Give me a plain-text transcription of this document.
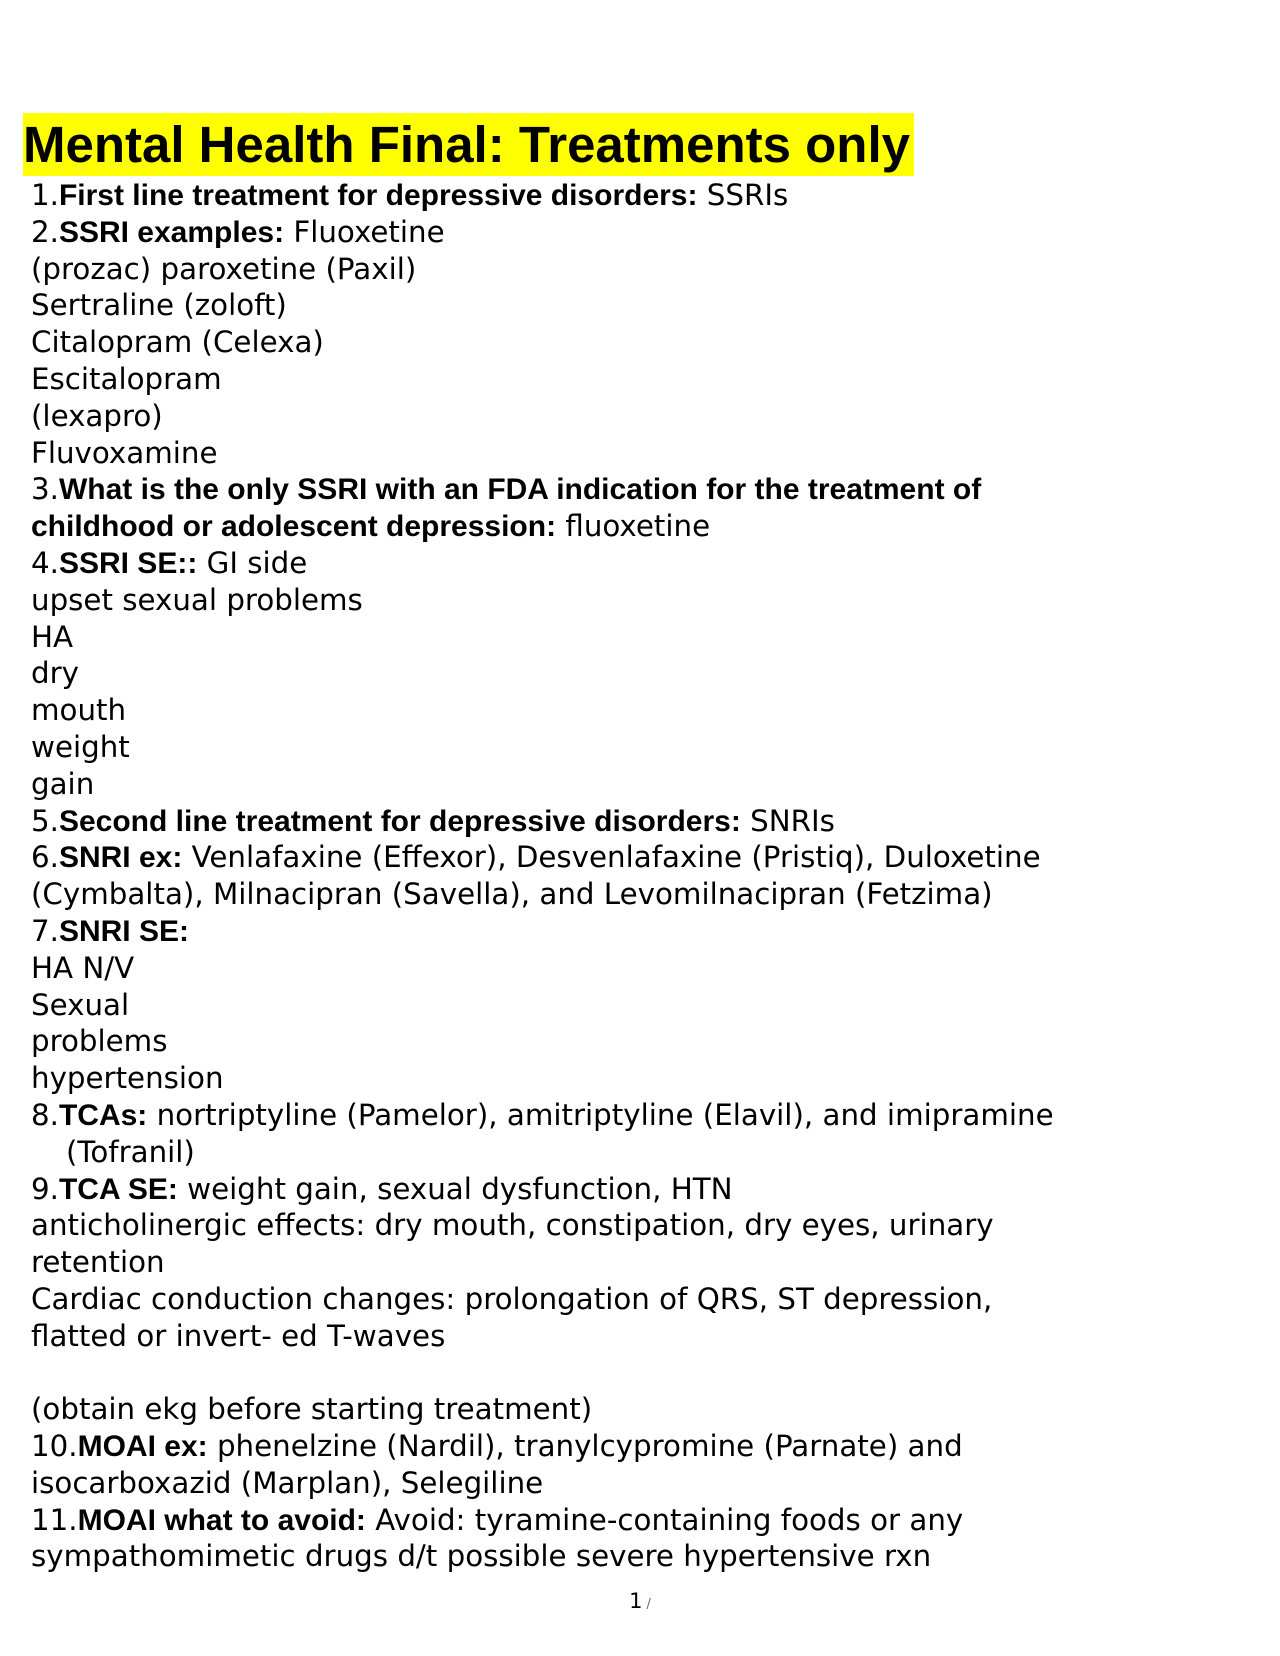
Mental Health Final: Treatments only
1.First line treatment for depressive disorders: SSRIs
2.SSRI examples: Fluoxetine
(prozac) paroxetine (Paxil)
Sertraline (zoloft)
Citalopram (Celexa)
Escitalopram
(lexapro)
Fluvoxamine
3.What is the only SSRI with an FDA indication for the treatment of
childhood or adolescent depression: fluoxetine
4.SSRI SE:: GI side
upset sexual problems
HA
dry
mouth
weight
gain
5.Second line treatment for depressive disorders: SNRIs
6.SNRI ex: Venlafaxine (Effexor), Desvenlafaxine (Pristiq), Duloxetine
(Cymbalta), Milnacipran (Savella), and Levomilnacipran (Fetzima)
7.SNRI SE:
HA N/V
Sexual
problems
hypertension
8.TCAs: nortriptyline (Pamelor), amitriptyline (Elavil), and imipramine
(Tofranil)
9.TCA SE: weight gain, sexual dysfunction, HTN
anticholinergic effects: dry mouth, constipation, dry eyes, urinary
retention
Cardiac conduction changes: prolongation of QRS, ST depression,
flatted or invert- ed T-waves
(obtain ekg before starting treatment)
10.MOAI ex: phenelzine (Nardil), tranylcypromine (Parnate) and
isocarboxazid (Marplan), Selegiline
11.MOAI what to avoid: Avoid: tyramine-containing foods or any
sympathomimetic drugs d/t possible severe hypertensive rxn
1 /
